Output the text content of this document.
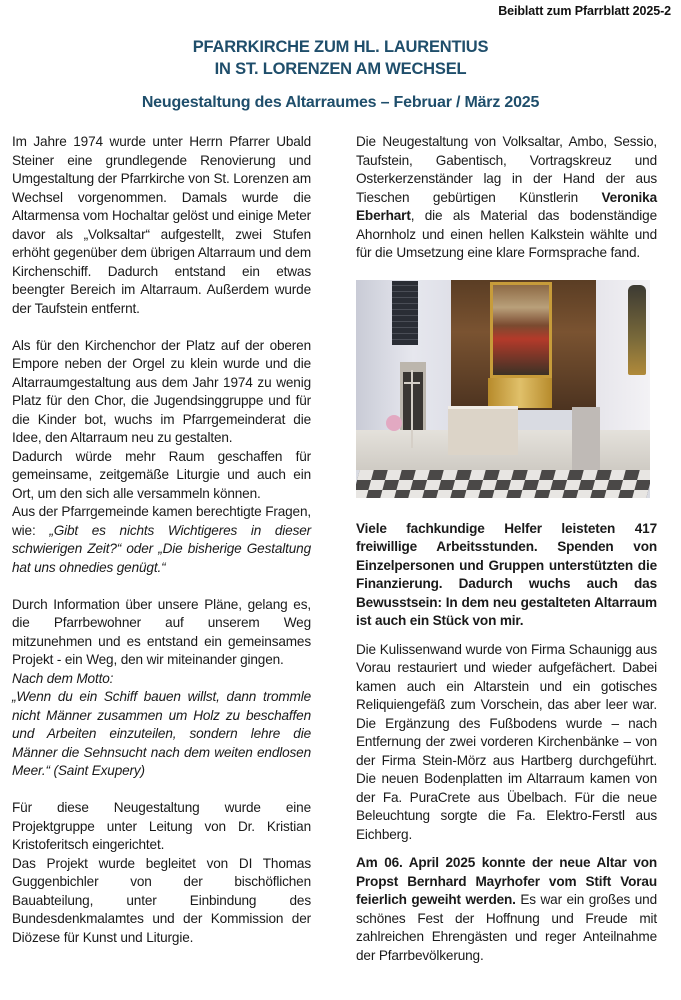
Beiblatt zum Pfarrblatt 2025-2
PFARRKIRCHE ZUM HL. LAURENTIUS
IN ST. LORENZEN AM WECHSEL
Neugestaltung des Altarraumes – Februar / März 2025

Im Jahre 1974 wurde unter Herrn Pfarrer Ubald Steiner eine grundlegende Renovierung und Umgestaltung der Pfarrkirche von St. Lorenzen am Wechsel vorgenommen. Damals wurde die Altarmensa vom Hochaltar gelöst und einige Meter davor als „Volksaltar“ aufgestellt, zwei Stufen erhöht gegenüber dem übrigen Altarraum und dem Kirchenschiff. Dadurch entstand ein etwas beengter Bereich im Altarraum. Außerdem wurde der Taufstein entfernt.

Als für den Kirchenchor der Platz auf der oberen Empore neben der Orgel zu klein wurde und die Altarraumgestaltung aus dem Jahr 1974 zu wenig Platz für den Chor, die Jugendsinggruppe und für die Kinder bot, wuchs im Pfarrgemeinderat die Idee, den Altarraum neu zu gestalten.

Dadurch würde mehr Raum geschaffen für gemeinsame, zeitgemäße Liturgie und auch ein Ort, um den sich alle versammeln können.

Aus der Pfarrgemeinde kamen berechtigte Fragen, wie: „Gibt es nichts Wichtigeres in dieser schwierigen Zeit?“ oder „Die bisherige Gestaltung hat uns ohnedies genügt.“

Durch Information über unsere Pläne, gelang es, die Pfarrbewohner auf unserem Weg mitzunehmen und es entstand ein gemeinsames Projekt - ein Weg, den wir miteinander gingen.

Nach dem Motto:

„Wenn du ein Schiff bauen willst, dann trommle nicht Männer zusammen um Holz zu beschaffen und Arbeiten einzuteilen, sondern lehre die Männer die Sehnsucht nach dem weiten endlosen Meer.“ (Saint Exupery)

Für diese Neugestaltung wurde eine Projektgruppe unter Leitung von Dr. Kristian Kristoferitsch eingerichtet.

Das Projekt wurde begleitet von DI Thomas Guggenbichler von der bischöflichen Bauabteilung, unter Einbindung des Bundesdenkmalamtes und der Kommission der Diözese für Kunst und Liturgie.

Die Neugestaltung von Volksaltar, Ambo, Sessio, Taufstein, Gabentisch, Vortragskreuz und Osterkerzenständer lag in der Hand der aus Tieschen gebürtigen Künstlerin Veronika Eberhart, die als Material das bodenständige Ahornholz und einen hellen Kalkstein wählte und für die Umsetzung eine klare Formsprache fand.

Viele fachkundige Helfer leisteten 417 freiwillige Arbeitsstunden. Spenden von Einzelpersonen und Gruppen unterstützten die Finanzierung. Dadurch wuchs auch das Bewusstsein: In dem neu gestalteten Altarraum ist auch ein Stück von mir.

Die Kulissenwand wurde von Firma Schaunigg aus Vorau restauriert und wieder aufgefächert. Dabei kamen auch ein Altarstein und ein gotisches Reliquiengefäß zum Vorschein, das aber leer war. Die Ergänzung des Fußbodens wurde – nach Entfernung der zwei vorderen Kirchenbänke – von der Firma Stein-Mörz aus Hartberg durchgeführt. Die neuen Bodenplatten im Altarraum kamen von der Fa. PuraCrete aus Übelbach. Für die neue Beleuchtung sorgte die Fa. Elektro-Ferstl aus Eichberg.

Am 06. April 2025 konnte der neue Altar von Propst Bernhard Mayrhofer vom Stift Vorau feierlich geweiht werden. Es war ein großes und schönes Fest der Hoffnung und Freude mit zahlreichen Ehrengästen und reger Anteilnahme der Pfarrbevölkerung.
